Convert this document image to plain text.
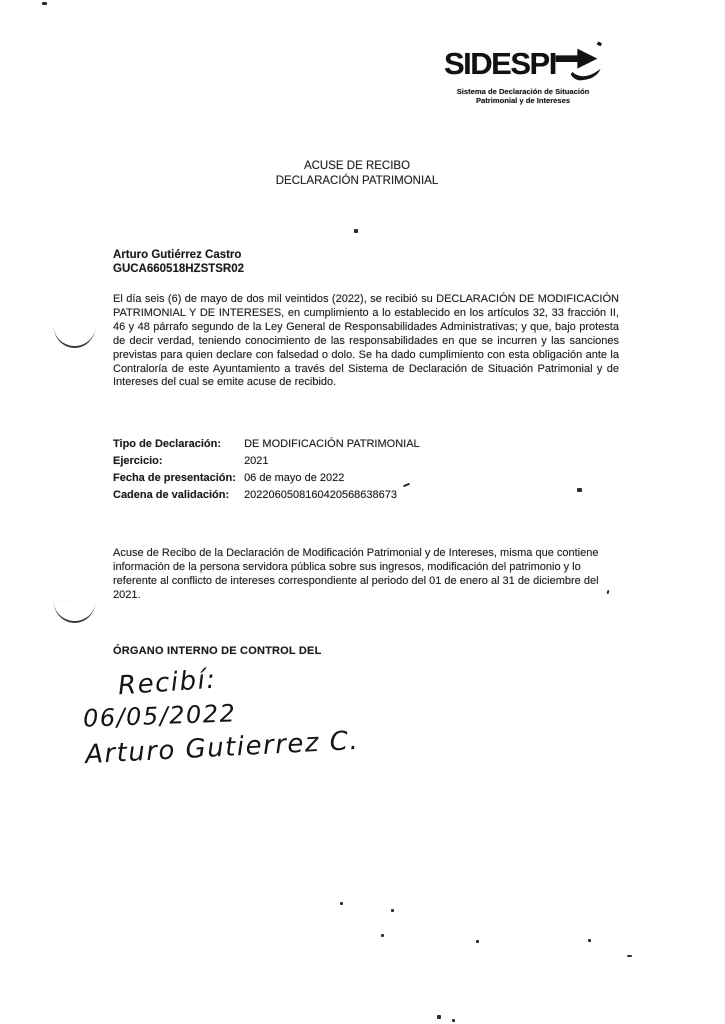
SIDESPI
Sistema de Declaración de Situación
Patrimonial y de Intereses
ACUSE DE RECIBO
DECLARACIÓN PATRIMONIAL
Arturo Gutiérrez Castro
GUCA660518HZSTSR02
El día seis (6) de mayo de dos mil veintidos (2022), se recibió su DECLARACIÓN DE MODIFICACIÓN PATRIMONIAL Y DE INTERESES, en cumplimiento a lo establecido en los artículos 32, 33 fracción II, 46 y 48 párrafo segundo de la Ley General de Responsabilidades Administrativas; y que, bajo protesta de decir verdad, teniendo conocimiento de las responsabilidades en que se incurren y las sanciones previstas para quien declare con falsedad o dolo. Se ha dado cumplimiento con esta obligación ante la Contraloría de este Ayuntamiento a través del Sistema de Declaración de Situación Patrimonial y de Intereses del cual se emite acuse de recibido.
Tipo de Declaración: DE MODIFICACIÓN PATRIMONIAL
Ejercicio:	2021
Fecha de presentación: 06 de mayo de 2022
Cadena de validación: 2022060508160420568638673
Acuse de Recibo de la Declaración de Modificación Patrimonial y de Intereses, misma que contiene información de la persona servidora pública sobre sus ingresos, modificación del patrimonio y lo referente al conflicto de intereses correspondiente al periodo del 01 de enero al 31 de diciembre del 2021.
ÓRGANO INTERNO DE CONTROL DEL
Recibí:
06/05/2022
Arturo Gutierrez C.
